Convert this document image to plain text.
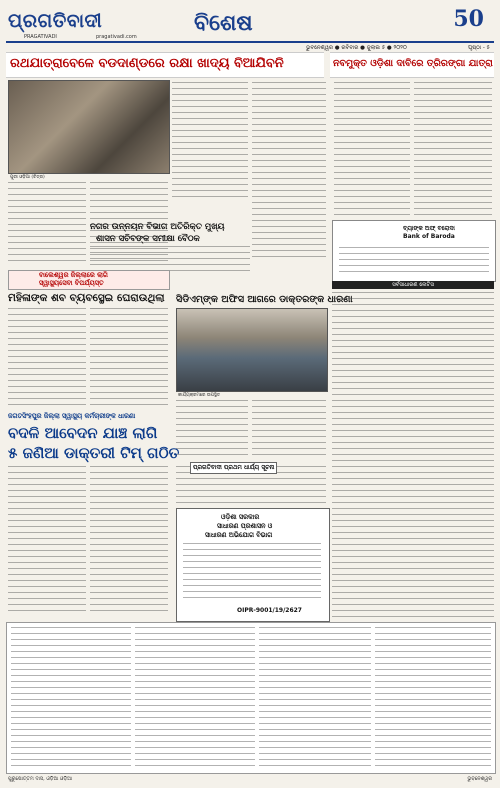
ପ୍ରଗତିବାଦୀ
PRAGATIVADI	pragativadi.com
ବିଶେଷ	50
ଭୁବନେଶ୍ୱର ● ରବିବାର ● ଜୁଲାଇ ୫ ● ୨୦୨୦	ପୃଷ୍ଠା - ୫
ରଥଯାତ୍ରାବେଳେ ବଡଦାଣ୍ଡରେ ରକ୍ଷା ଖାଦ୍ୟ ବିଆଯିବନି	ନବମୁକ୍ତ ଓଡ଼ିଶା ଦାବିରେ ତ୍ରିରଙ୍ଗା ଯାତ୍ରା
ପୁରୀ ଓଡ଼ିଆ (ଚିତ୍ର)
ନଗର ଉନ୍ନୟନ ବିଭାଗ ଅତିରିକ୍ତ ମୁଖ୍ୟ
ଶାସନ ସଚିବଙ୍କ ସମୀକ୍ଷା ବୈଠକ
ବାଲେଶ୍ୱର ଜିଲ୍ଲାରେ ଲାଗି
ସ୍ୱାସ୍ଥ୍ୟସେବା ବିପର୍ଯ୍ୟସ୍ତ
ମହିଳାଙ୍କ ଶବ ବ୍ୟବସ୍ଥେଇ ଘେରାଉଥିଲା ସିଡିଏମ୍‌ଙ୍କ ଅଫିସ ଆଗରେ ଡାକ୍ତରଙ୍କ ଧାରଣା
କାର୍ଯ୍ୟକ୍ରମରେ ଉପସ୍ଥିତ
ଜଗତସିଂହପୁର ଜିଲ୍ଲା ସ୍ୱାସ୍ଥ୍ୟ କର୍ମଚାରୀଙ୍କ ଧାରଣା
ବଦଳି ଆବେଦନ ଯାଞ୍ଚ ଲାଗି
୫ ଜଣିଆ ଡାକ୍ତରୀ ଟିମ୍ ଗଠିତ
ପ୍ରଗତିବାଦୀ ପ୍ରଥମ ଧାର୍ଯ୍ୟ ସୂଚନା
ଓଡ଼ିଶା ସରକାର
ସାଧାରଣ ପ୍ରଶାସନ ଓ
ସାଧାରଣ ଅଭିଯୋଗ ବିଭାଗ
OIPR-9001/19/2627
ବ୍ୟାଙ୍କ ଅଫ୍ ବରୋଦା
Bank of Baroda
ସର୍ବସାଧାରଣ ନୋଟିସ
ପୁରୁଷୋତ୍ତମ ଦାସ, ଓଡ଼ିଆ ଓଡ଼ିଆ	ଭୁବନେଶ୍ୱର
